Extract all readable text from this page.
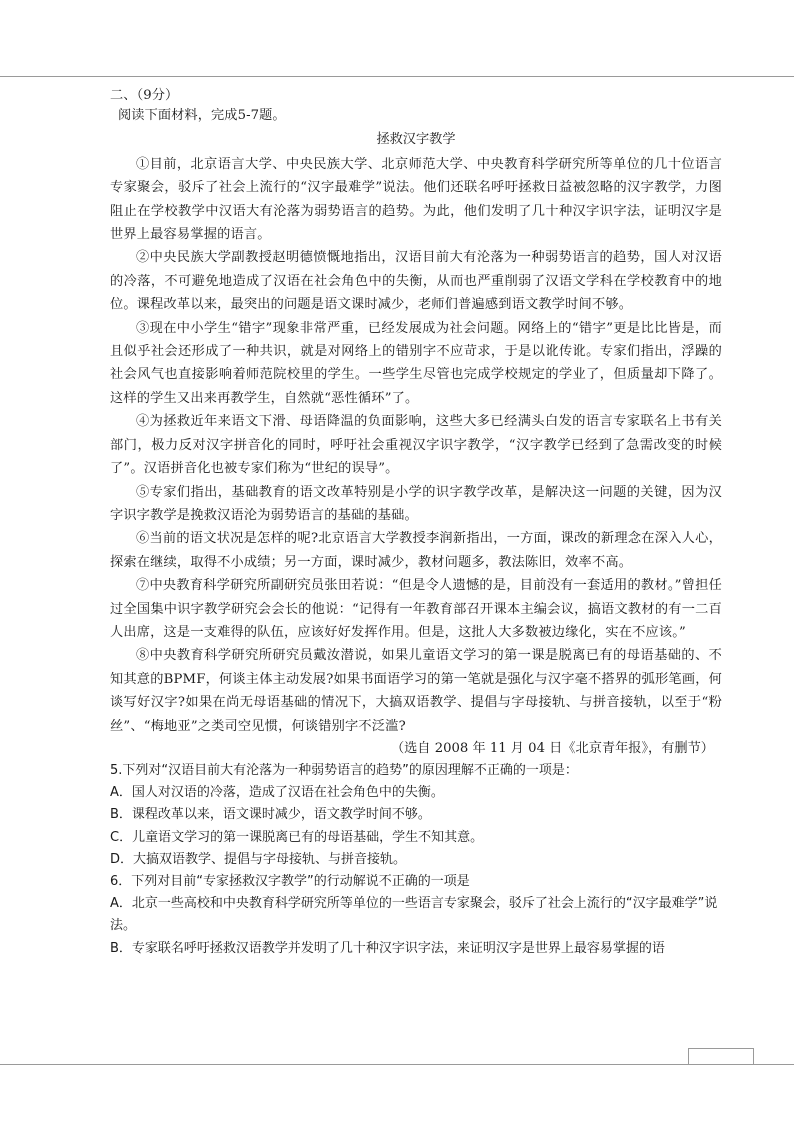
二、（9分）
阅读下面材料，完成5-7题。
拯救汉字教学
①目前，北京语言大学、中央民族大学、北京师范大学、中央教育科学研究所等单位的几十位语言专家聚会，驳斥了社会上流行的“汉字最难学”说法。他们还联名呼吁拯救日益被忽略的汉字教学，力图阻止在学校教学中汉语大有沦落为弱势语言的趋势。为此，他们发明了几十种汉字识字法，证明汉字是世界上最容易掌握的语言。
②中央民族大学副教授赵明德愤慨地指出，汉语目前大有沦落为一种弱势语言的趋势，国人对汉语的冷落，不可避免地造成了汉语在社会角色中的失衡，从而也严重削弱了汉语文学科在学校教育中的地位。课程改革以来，最突出的问题是语文课时减少，老师们普遍感到语文教学时间不够。
③现在中小学生“错字”现象非常严重，已经发展成为社会问题。网络上的“错字”更是比比皆是，而且似乎社会还形成了一种共识，就是对网络上的错别字不应苛求，于是以讹传讹。专家们指出，浮躁的社会风气也直接影响着师范院校里的学生。一些学生尽管也完成学校规定的学业了，但质量却下降了。这样的学生又出来再教学生，自然就“恶性循环”了。
④为拯救近年来语文下滑、母语降温的负面影响，这些大多已经满头白发的语言专家联名上书有关部门，极力反对汉字拼音化的同时，呼吁社会重视汉字识字教学，“汉字教学已经到了急需改变的时候了”。汉语拼音化也被专家们称为“世纪的误导”。
⑤专家们指出，基础教育的语文改革特别是小学的识字教学改革，是解决这一问题的关键，因为汉字识字教学是挽救汉语沦为弱势语言的基础的基础。
⑥当前的语文状况是怎样的呢?北京语言大学教授李润新指出，一方面，课改的新理念在深入人心，探索在继续，取得不小成绩；另一方面，课时减少，教材问题多，教法陈旧，效率不高。
⑦中央教育科学研究所副研究员张田若说：“但是令人遗憾的是，目前没有一套适用的教材。”曾担任过全国集中识字教学研究会会长的他说：“记得有一年教育部召开课本主编会议，搞语文教材的有一二百人出席，这是一支难得的队伍，应该好好发挥作用。但是，这批人大多数被边缘化，实在不应该。”
⑧中央教育科学研究所研究员戴汝潜说，如果儿童语文学习的第一课是脱离已有的母语基础的、不知其意的BPMF，何谈主体主动发展?如果书面语学习的第一笔就是强化与汉字毫不搭界的弧形笔画，何谈写好汉字?如果在尚无母语基础的情况下，大搞双语教学、提倡与字母接轨、与拼音接轨，以至于“粉丝”、“梅地亚”之类司空见惯，何谈错别字不泛滥?
（选自 2008 年 11 月 04 日《北京青年报》，有删节）
5.下列对“汉语目前大有沦落为一种弱势语言的趋势”的原因理解不正确的一项是：
A．国人对汉语的冷落，造成了汉语在社会角色中的失衡。
B．课程改革以来，语文课时减少，语文教学时间不够。
C．儿童语文学习的第一课脱离已有的母语基础，学生不知其意。
D．大搞双语教学、提倡与字母接轨、与拼音接轨。
6．下列对目前“专家拯救汉字教学”的行动解说不正确的一项是
A．北京一些高校和中央教育科学研究所等单位的一些语言专家聚会，驳斥了社会上流行的“汉字最难学”说法。
B．专家联名呼吁拯救汉语教学并发明了几十种汉字识字法，来证明汉字是世界上最容易掌握的语
